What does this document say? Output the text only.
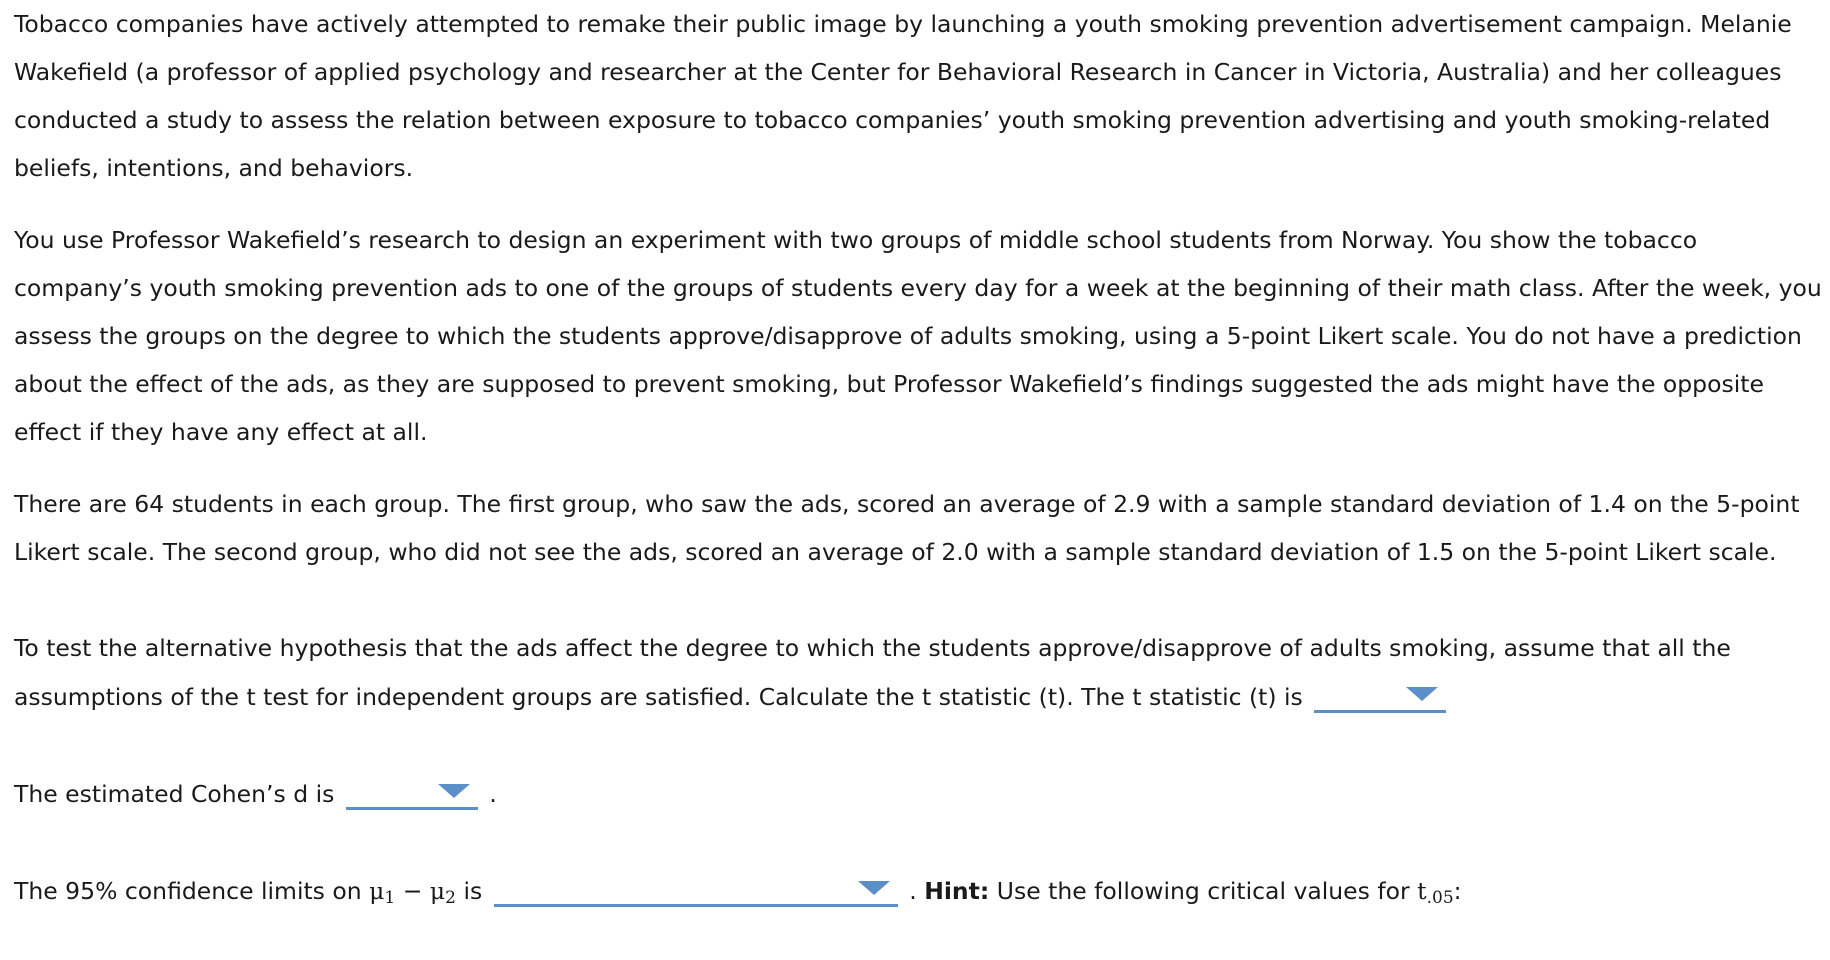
Tobacco companies have actively attempted to remake their public image by launching a youth smoking prevention advertisement campaign. Melanie Wakefield (a professor of applied psychology and researcher at the Center for Behavioral Research in Cancer in Victoria, Australia) and her colleagues conducted a study to assess the relation between exposure to tobacco companies’ youth smoking prevention advertising and youth smoking-related beliefs, intentions, and behaviors.

You use Professor Wakefield’s research to design an experiment with two groups of middle school students from Norway. You show the tobacco company’s youth smoking prevention ads to one of the groups of students every day for a week at the beginning of their math class. After the week, you assess the groups on the degree to which the students approve/disapprove of adults smoking, using a 5-point Likert scale. You do not have a prediction about the effect of the ads, as they are supposed to prevent smoking, but Professor Wakefield’s findings suggested the ads might have the opposite effect if they have any effect at all.

There are 64 students in each group. The first group, who saw the ads, scored an average of 2.9 with a sample standard deviation of 1.4 on the 5-point Likert scale. The second group, who did not see the ads, scored an average of 2.0 with a sample standard deviation of 1.5 on the 5-point Likert scale.

To test the alternative hypothesis that the ads affect the degree to which the students approve/disapprove of adults smoking, assume that all the assumptions of the t test for independent groups are satisfied. Calculate the t statistic (t). The t statistic (t) is

The estimated Cohen’s d is	.

The 95% confidence limits on $\mu_1 - \mu_2$ is	. Hint: Use the following critical values for $t_{.05}$:
